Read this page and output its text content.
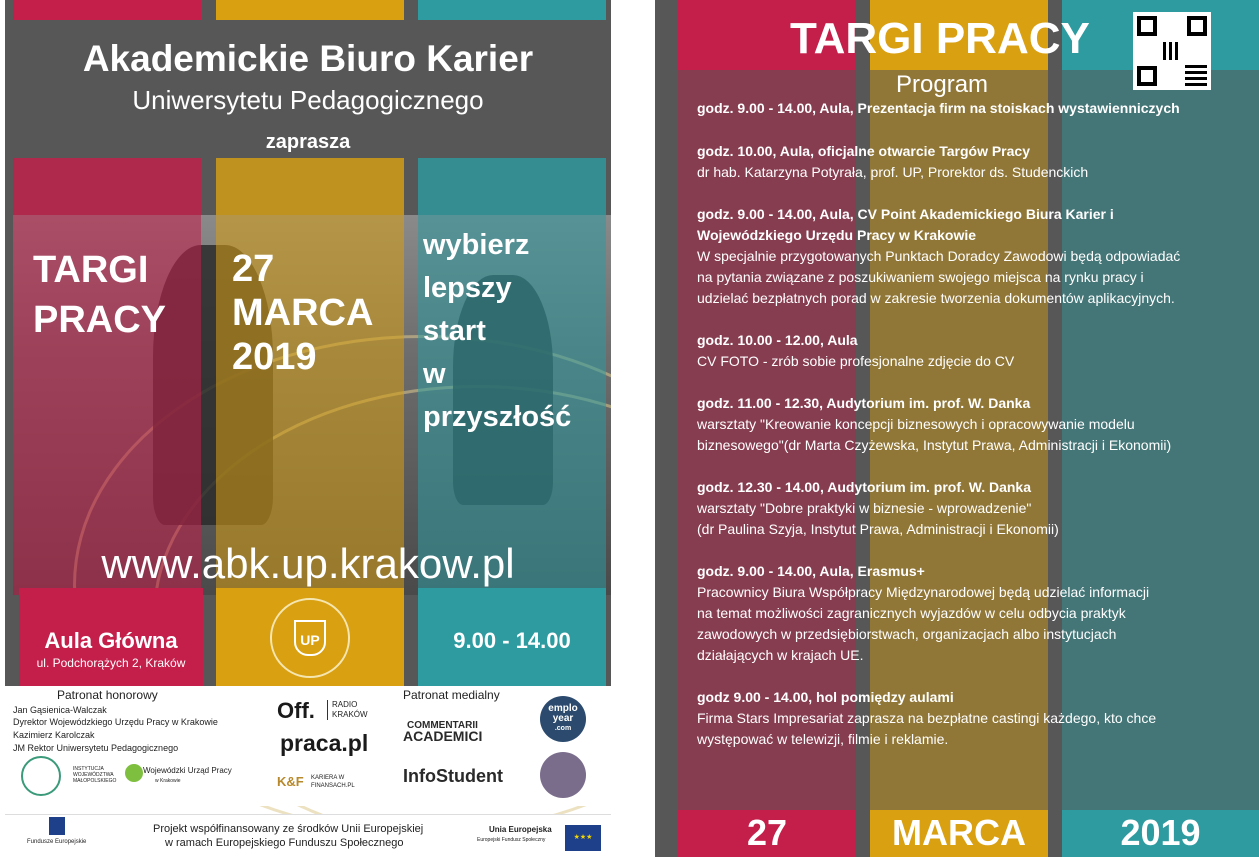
Akademickie Biuro Karier
Uniwersytetu Pedagogicznego
zaprasza
TARGI
PRACY
27
MARCA
2019
wybierz
lepszy
start
w
przyszłość
www.abk.up.krakow.pl
Aula Główna
ul. Podchorążych 2, Kraków
UP	9.00 - 14.00
Patronat honorowy
Jan Gąsienica-Walczak
Dyrektor Wojewódzkiego Urzędu Pracy w Krakowie
Kazimierz Karolczak
JM Rektor Uniwersytetu Pedagogicznego
INSTYTUCJA WOJEWÓDZTWA MAŁOPOLSKIEGO
Wojewódzki Urząd Pracy
w Krakowie
Off.	RADIO KRAKÓW
praca.pl
K&F KARIERA W FINANSACH.PL
Patronat medialny
COMMENTARII
ACADEMICI
InfoStudent
emplo
year
.com
Fundusze Europejskie
Projekt współfinansowany ze środków Unii Europejskiej
w ramach Europejskiego Funduszu Społecznego
Unia Europejska
Europejski Fundusz Społeczny	★★★
TARGI PRACY
Program
godz. 9.00 - 14.00, Aula, Prezentacja firm na stoiskach wystawienniczych
godz. 10.00, Aula, oficjalne otwarcie Targów Pracy
dr hab. Katarzyna Potyrała, prof. UP, Prorektor ds. Studenckich
godz. 9.00 - 14.00, Aula, CV Point Akademickiego Biura Karier i
Wojewódzkiego Urzędu Pracy w Krakowie
W specjalnie przygotowanych Punktach Doradcy Zawodowi będą odpowiadać
na pytania związane z poszukiwaniem swojego miejsca na rynku pracy i
udzielać bezpłatnych porad w zakresie tworzenia dokumentów aplikacyjnych.
godz. 10.00 - 12.00, Aula
CV FOTO - zrób sobie profesjonalne zdjęcie do CV
godz. 11.00 - 12.30, Audytorium im. prof. W. Danka
warsztaty "Kreowanie koncepcji biznesowych i opracowywanie modelu
biznesowego"(dr Marta Czyżewska, Instytut Prawa, Administracji i Ekonomii)
godz. 12.30 - 14.00, Audytorium im. prof. W. Danka
warsztaty "Dobre praktyki w biznesie - wprowadzenie"
(dr Paulina Szyja, Instytut Prawa, Administracji i Ekonomii)
godz. 9.00 - 14.00, Aula, Erasmus+
Pracownicy Biura Współpracy Międzynarodowej będą udzielać informacji
na temat możliwości zagranicznych wyjazdów w celu odbycia praktyk
zawodowych w przedsiębiorstwach, organizacjach albo instytucjach
działających w krajach UE.
godz 9.00 - 14.00, hol pomiędzy aulami
Firma Stars Impresariat zaprasza na bezpłatne castingi każdego, kto chce
występować w telewizji, filmie i reklamie.
27	MARCA	2019
